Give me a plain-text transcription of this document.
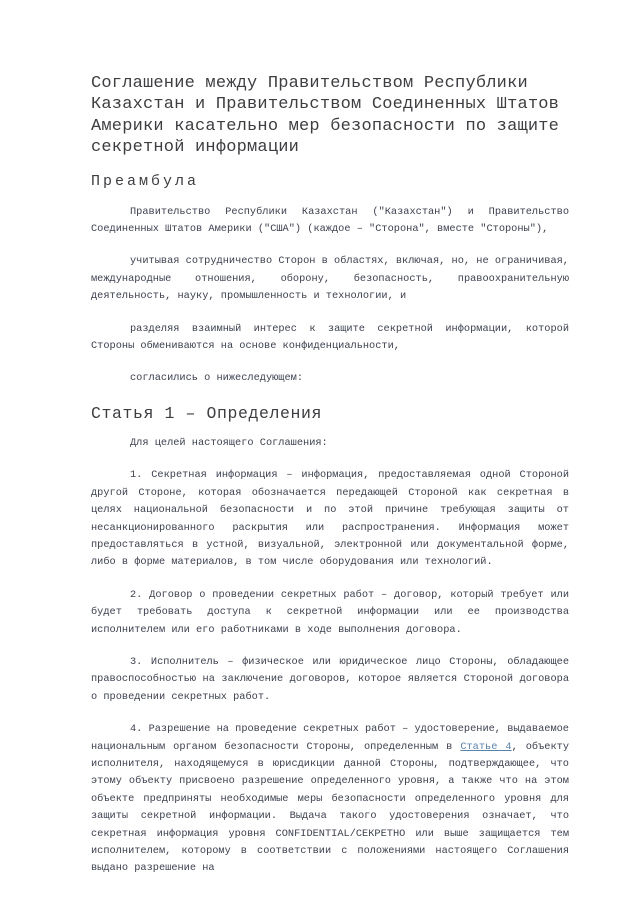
Соглашение между Правительством Республики Казахстан и Правительством Соединенных Штатов Америки касательно мер безопасности по защите секретной информации
Преамбула

Правительство Республики Казахстан ("Казахстан") и Правительство Соединенных Штатов Америки ("США") (каждое – "Сторона", вместе "Стороны"),

учитывая сотрудничество Сторон в областях, включая, но, не ограничивая, международные отношения, оборону, безопасность, правоохранительную деятельность, науку, промышленность и технологии, и

разделяя взаимный интерес к защите секретной информации, которой Стороны обмениваются на основе конфиденциальности,

согласились о нижеследующем:

Статья 1 – Определения

Для целей настоящего Соглашения:

1. Секретная информация – информация, предоставляемая одной Стороной другой Стороне, которая обозначается передающей Стороной как секретная в целях национальной безопасности и по этой причине требующая защиты от несанкционированного раскрытия или распространения. Информация может предоставляться в устной, визуальной, электронной или документальной форме, либо в форме материалов, в том числе оборудования или технологий.

2. Договор о проведении секретных работ – договор, который требует или будет требовать доступа к секретной информации или ее производства исполнителем или его работниками в ходе выполнения договора.

3. Исполнитель – физическое или юридическое лицо Стороны, обладающее правоспособностью на заключение договоров, которое является Стороной договора о проведении секретных работ.

4. Разрешение на проведение секретных работ – удостоверение, выдаваемое национальным органом безопасности Стороны, определенным в Статье 4, объекту исполнителя, находящемуся в юрисдикции данной Стороны, подтверждающее, что этому объекту присвоено разрешение определенного уровня, а также что на этом объекте предприняты необходимые меры безопасности определенного уровня для защиты секретной информации. Выдача такого удостоверения означает, что секретная информация уровня CONFIDENTIAL/СЕКРЕТНО или выше защищается тем исполнителем, которому в соответствии с положениями настоящего Соглашения выдано разрешение на
